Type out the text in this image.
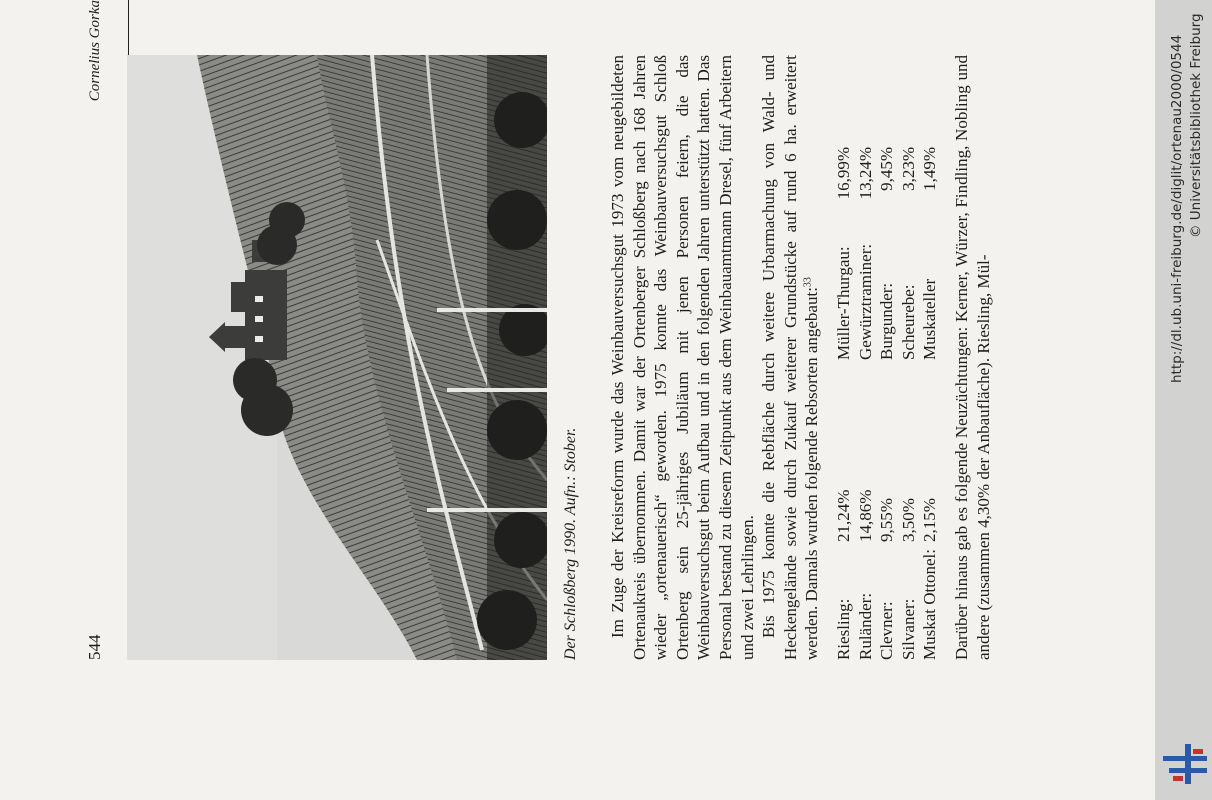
544
Cornelius Gorka
Der Schloßberg 1990. Aufn.: Stober. Im Zuge der Kreisreform wurde das Weinbauversuchsgut 1973 vom neugebildeten Ortenaukreis übernommen. Damit war der Ortenberger Schloßberg nach 168 Jahren wieder „ortenauerisch“ geworden. 1975 konnte das Weinbauversuchsgut Schloß Ortenberg sein 25-jähriges Jubiläum mit jenen Personen feiern, die das Weinbauversuchsgut beim Aufbau und in den folgenden Jahren unterstützt hatten. Das Personal bestand zu diesem Zeitpunkt aus dem Weinbauamtmann Dresel, fünf Arbeitern und zwei Lehrlingen. Bis 1975 konnte die Rebfläche durch weitere Urbarmachung von Wald- und Heckengelände sowie durch Zukauf weiterer Grundstücke auf rund 6 ha. erweitert werden. Damals wurden folgende Rebsorten angebaut:$^{33}$

Riesling:
21,24%
Ruländer:
14,86%
Clevner:
9,55%
Silvaner:
3,50%
Muskat Ottonel:
2,15%
Müller-Thurgau:
16,99%
Gewürztraminer:
13,24%
Burgunder:
9,45%
Scheurebe:
3,23%
Muskateller
1,49% Darüber hinaus gab es folgende Neuzüchtungen: Kerner, Würzer, Findling, Nobling und andere (zusammen 4,30% der Anbaufläche). Riesling, Mül-

http://dl.ub.uni-freiburg.de/diglit/ortenau2000/0544 © Universitätsbibliothek Freiburg
